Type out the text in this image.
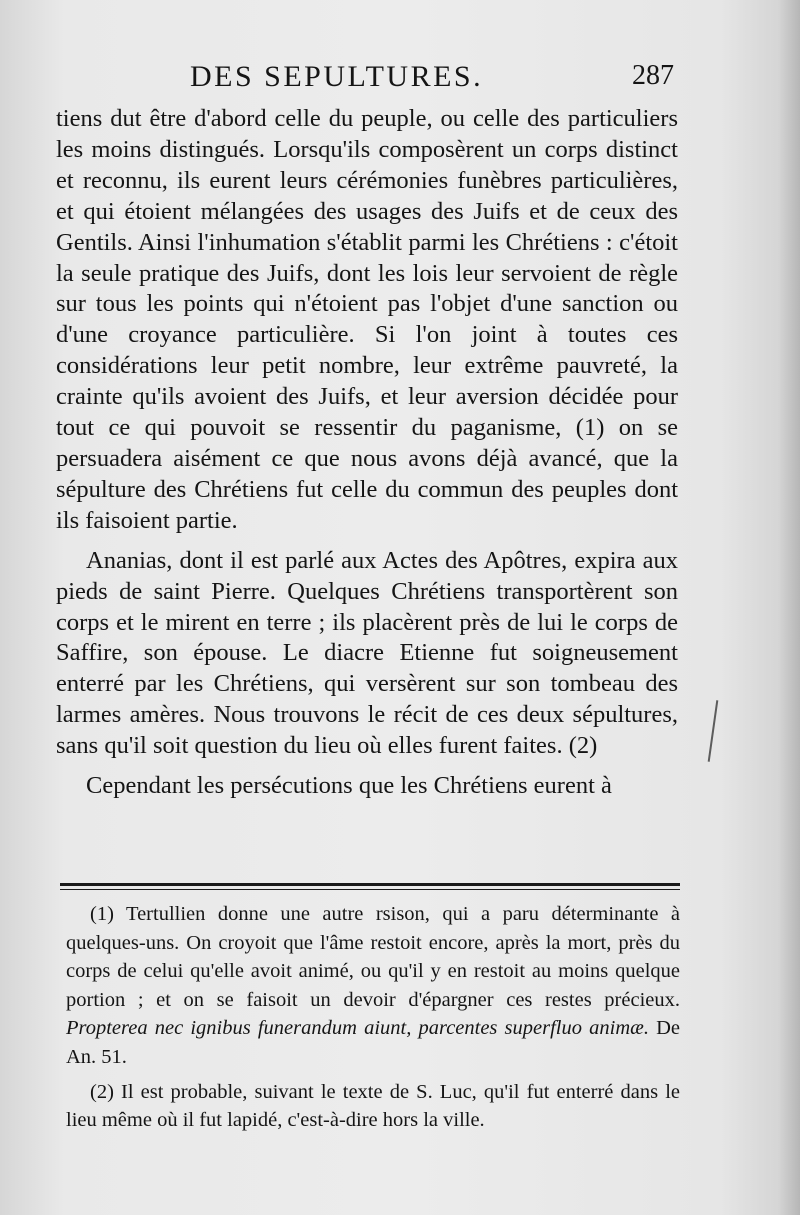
DES SEPULTURES.	287

tiens dut être d'abord celle du peuple, ou celle des particuliers les moins distingués. Lorsqu'ils composèrent un corps distinct et reconnu, ils eurent leurs cérémonies funèbres particulières, et qui étoient mélangées des usages des Juifs et de ceux des Gentils. Ainsi l'inhumation s'établit parmi les Chrétiens : c'étoit la seule pratique des Juifs, dont les lois leur servoient de règle sur tous les points qui n'étoient pas l'objet d'une sanction ou d'une croyance particulière. Si l'on joint à toutes ces considérations leur petit nombre, leur extrême pauvreté, la crainte qu'ils avoient des Juifs, et leur aversion décidée pour tout ce qui pouvoit se ressentir du paganisme, (1) on se persuadera aisément ce que nous avons déjà avancé, que la sépulture des Chrétiens fut celle du commun des peuples dont ils faisoient partie.

Ananias, dont il est parlé aux Actes des Apôtres, expira aux pieds de saint Pierre. Quelques Chrétiens transportèrent son corps et le mirent en terre ; ils placèrent près de lui le corps de Saffire, son épouse. Le diacre Etienne fut soigneusement enterré par les Chrétiens, qui versèrent sur son tombeau des larmes amères. Nous trouvons le récit de ces deux sépultures, sans qu'il soit question du lieu où elles furent faites. (2)

Cependant les persécutions que les Chrétiens eurent à

(1) Tertullien donne une autre rsison, qui a paru déterminante à quelques-uns. On croyoit que l'âme restoit encore, après la mort, près du corps de celui qu'elle avoit animé, ou qu'il y en restoit au moins quelque portion ; et on se faisoit un devoir d'épargner ces restes précieux. Propterea nec ignibus funerandum aiunt, parcentes superfluo animæ. De An. 51.

(2) Il est probable, suivant le texte de S. Luc, qu'il fut enterré dans le lieu même où il fut lapidé, c'est-à-dire hors la ville.
